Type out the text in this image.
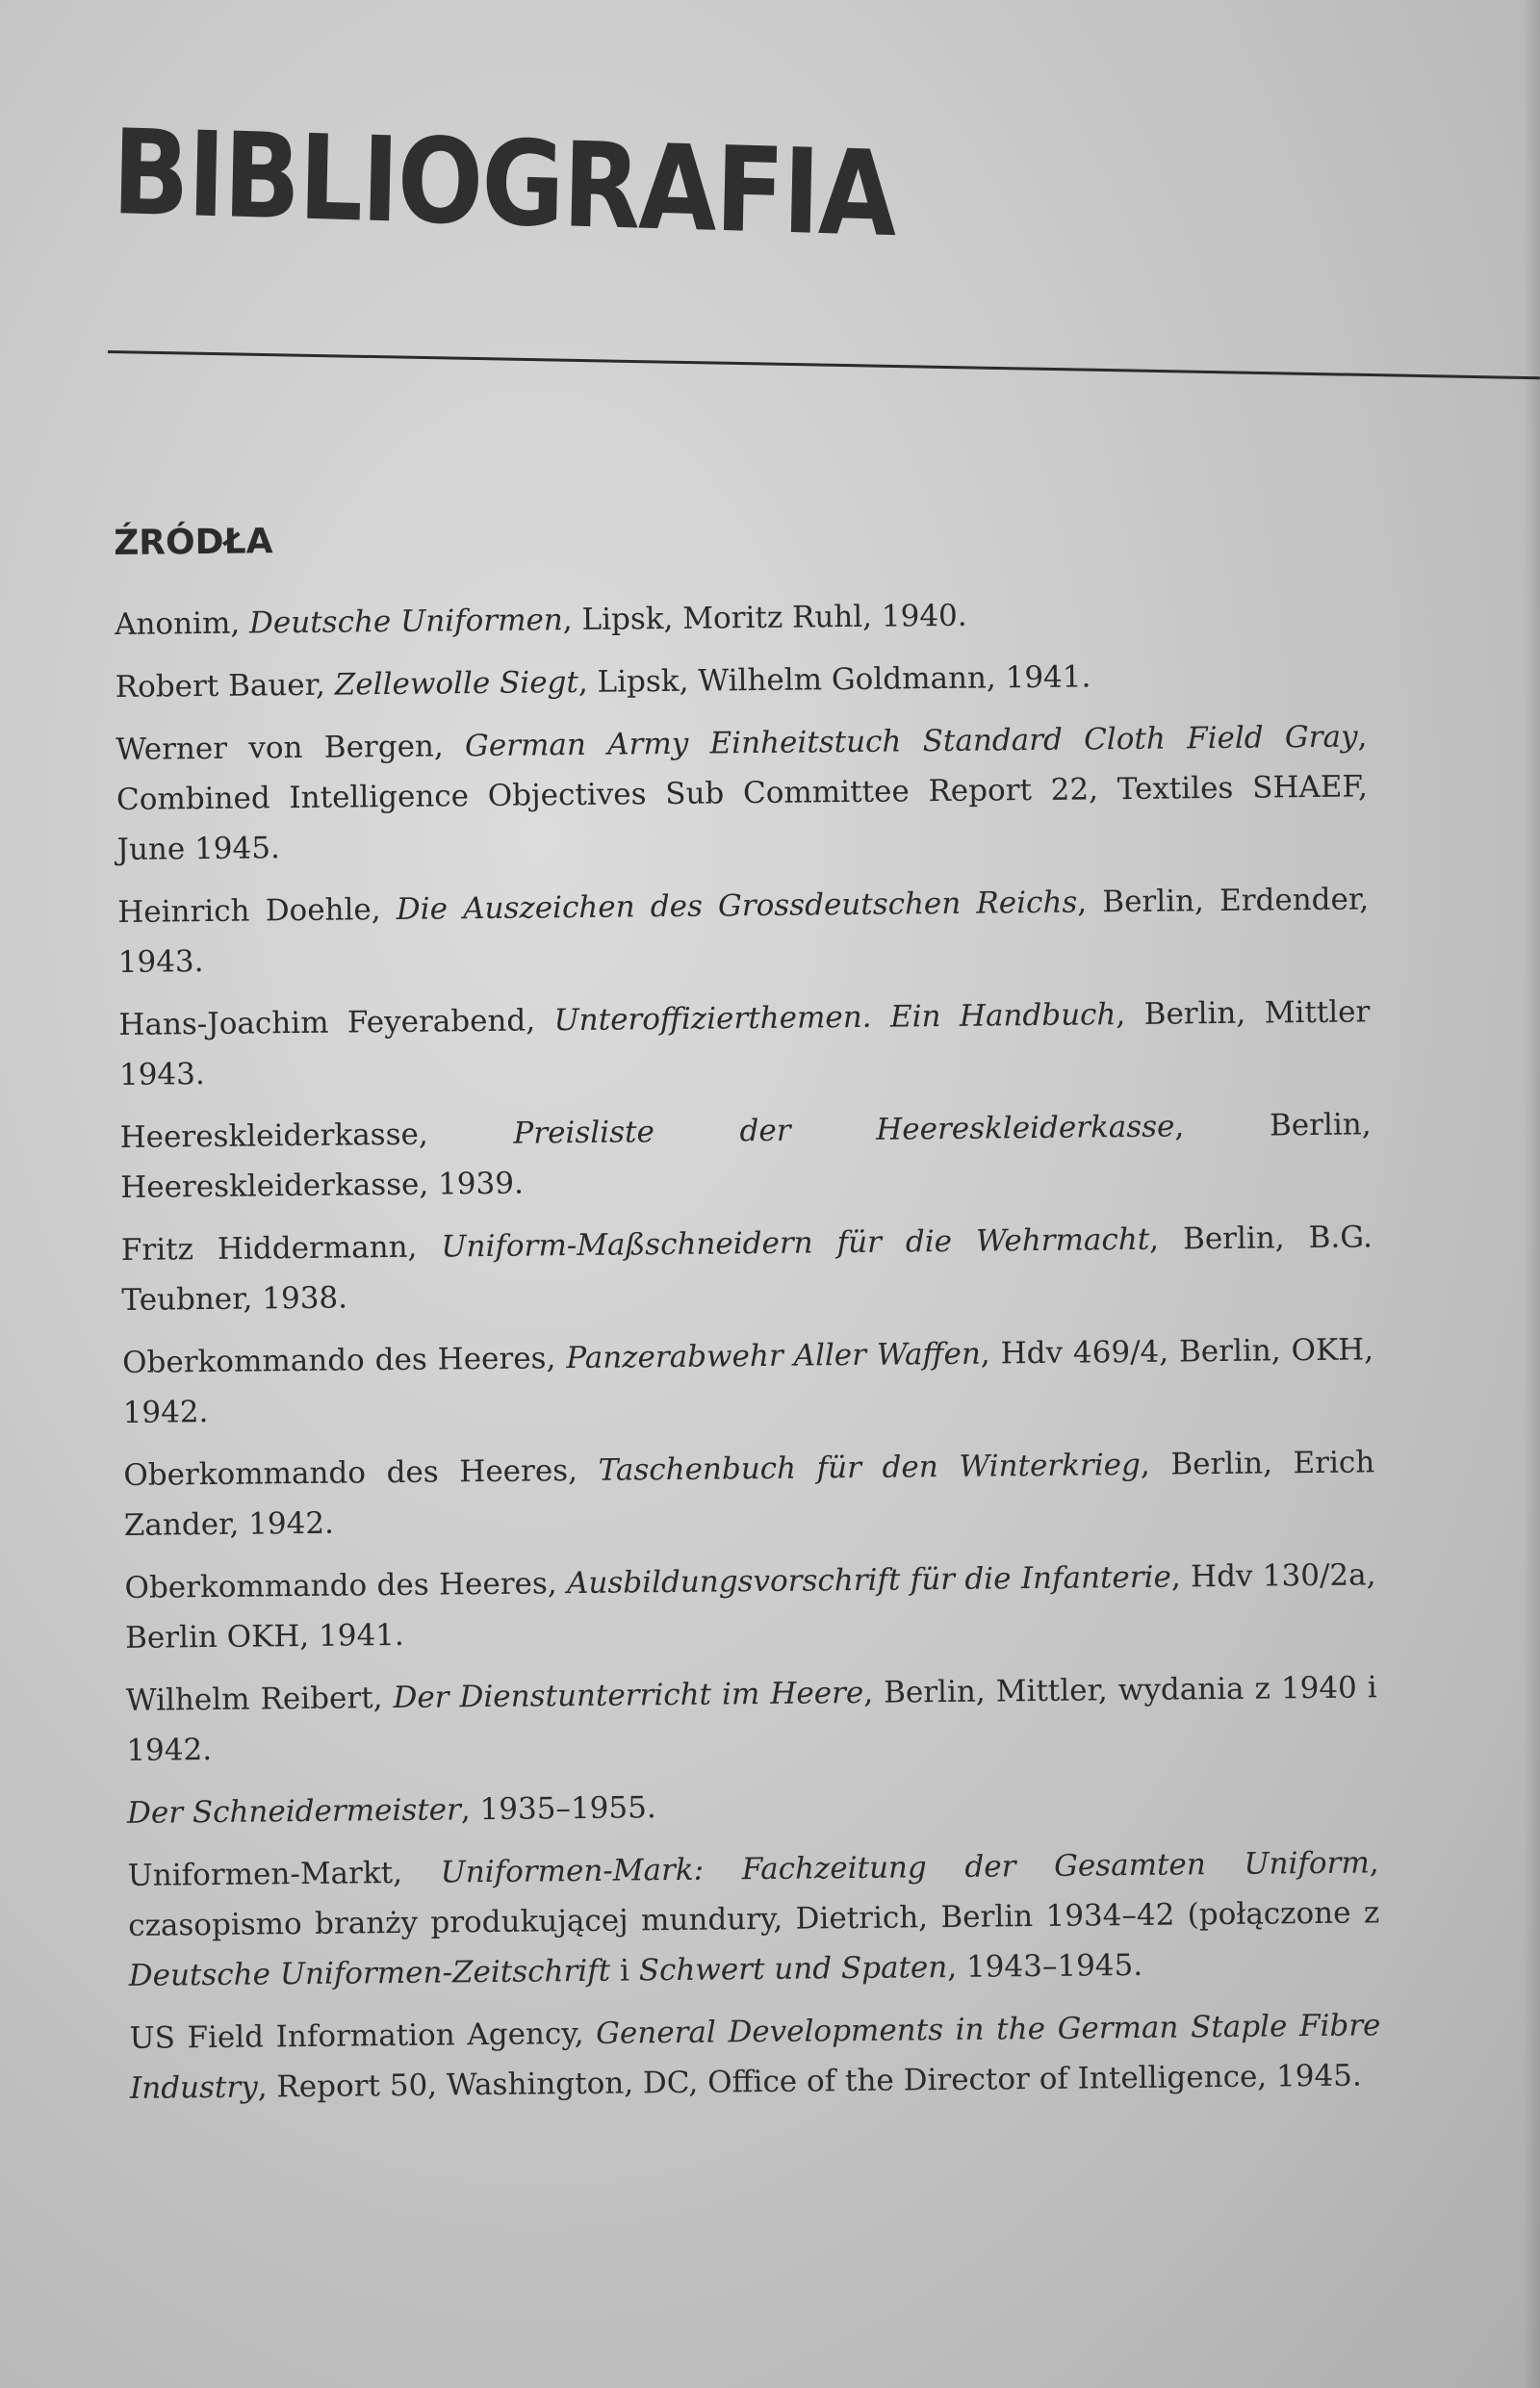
BIBLIOGRAFIA
ŹRÓDŁA
Anonim, Deutsche Uniformen, Lipsk, Moritz Ruhl, 1940.
Robert Bauer, Zellewolle Siegt, Lipsk, Wilhelm Goldmann, 1941.
Werner von Bergen, German Army Einheitstuch Standard Cloth Field Gray, Combined Intelligence Objectives Sub Committee Report 22, Textiles SHAEF, June 1945.
Heinrich Doehle, Die Auszeichen des Grossdeutschen Reichs, Berlin, Erdender, 1943.
Hans-Joachim Feyerabend, Unteroffizierthemen. Ein Handbuch, Berlin, Mittler 1943.
Heereskleiderkasse, Preisliste der Heereskleiderkasse, Berlin, Heereskleiderkasse, 1939.
Fritz Hiddermann, Uniform-Maßschneidern für die Wehrmacht, Berlin, B.G. Teubner, 1938.
Oberkommando des Heeres, Panzerabwehr Aller Waffen, Hdv 469/4, Berlin, OKH, 1942.
Oberkommando des Heeres, Taschenbuch für den Winterkrieg, Berlin, Erich Zander, 1942.
Oberkommando des Heeres, Ausbildungsvorschrift für die Infanterie, Hdv 130/2a, Berlin OKH, 1941.
Wilhelm Reibert, Der Dienstunterricht im Heere, Berlin, Mittler, wydania z 1940 i 1942.
Der Schneidermeister, 1935–1955.
Uniformen-Markt, Uniformen-Mark: Fachzeitung der Gesamten Uniform, czasopismo branży produkującej mundury, Dietrich, Berlin 1934–42 (połączone z Deutsche Uniformen-Zeitschrift i Schwert und Spaten, 1943–1945.
US Field Information Agency, General Developments in the German Staple Fibre Industry, Report 50, Washington, DC, Office of the Director of Intelligence, 1945.
